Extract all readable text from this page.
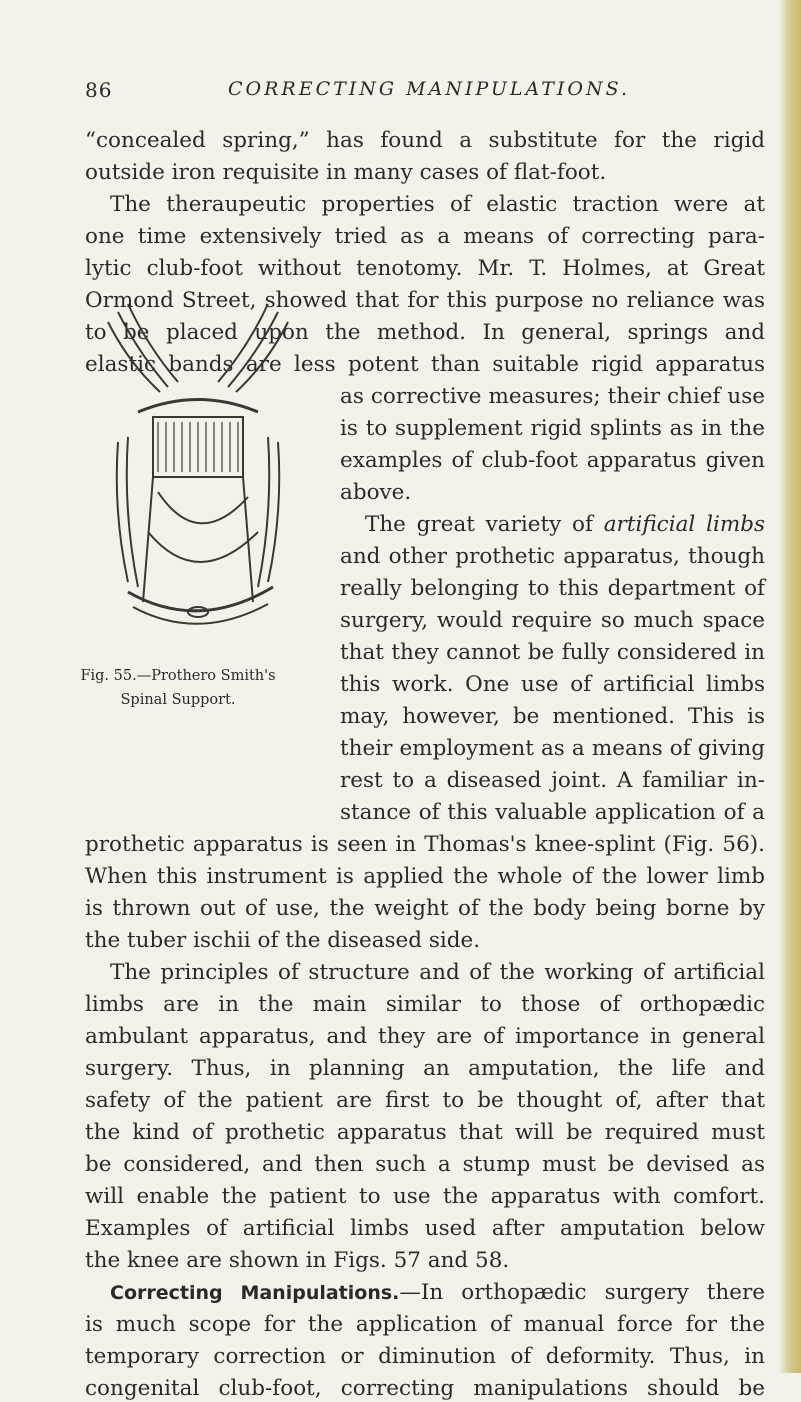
86	CORRECTING MANIPULATIONS.
“concealed spring,” has found a substitute for the rigid
outside iron requisite in many cases of flat-foot.
The theraupeutic properties of elastic traction were at
one time extensively tried as a means of correcting para-
lytic club-foot without tenotomy. Mr. T. Holmes, at Great
Ormond Street, showed that for this purpose no reliance was
to be placed upon the method. In general, springs and
elastic bands are less potent than suitable rigid apparatus
as corrective measures; their chief use
is to supplement rigid splints as in the
examples of club-foot apparatus given
above.
The great variety of artificial limbs
and other prothetic apparatus, though
really belonging to this department of
surgery, would require so much space
that they cannot be fully considered in
this work. One use of artificial limbs
may, however, be mentioned. This is
their employment as a means of giving
rest to a diseased joint. A familiar in-
stance of this valuable application of a
prothetic apparatus is seen in Thomas's knee-splint (Fig. 56).
When this instrument is applied the whole of the lower limb
is thrown out of use, the weight of the body being borne by
the tuber ischii of the diseased side.
The principles of structure and of the working of artificial
limbs are in the main similar to those of orthopædic
ambulant apparatus, and they are of importance in general
surgery. Thus, in planning an amputation, the life and
safety of the patient are first to be thought of, after that
the kind of prothetic apparatus that will be required must
be considered, and then such a stump must be devised as
will enable the patient to use the apparatus with comfort.
Examples of artificial limbs used after amputation below
the knee are shown in Figs. 57 and 58.
Correcting Manipulations.—In orthopædic surgery there
is much scope for the application of manual force for the
temporary correction or diminution of deformity. Thus, in
congenital club-foot, correcting manipulations should be
Fig. 55.—Prothero Smith's
Spinal Support.
